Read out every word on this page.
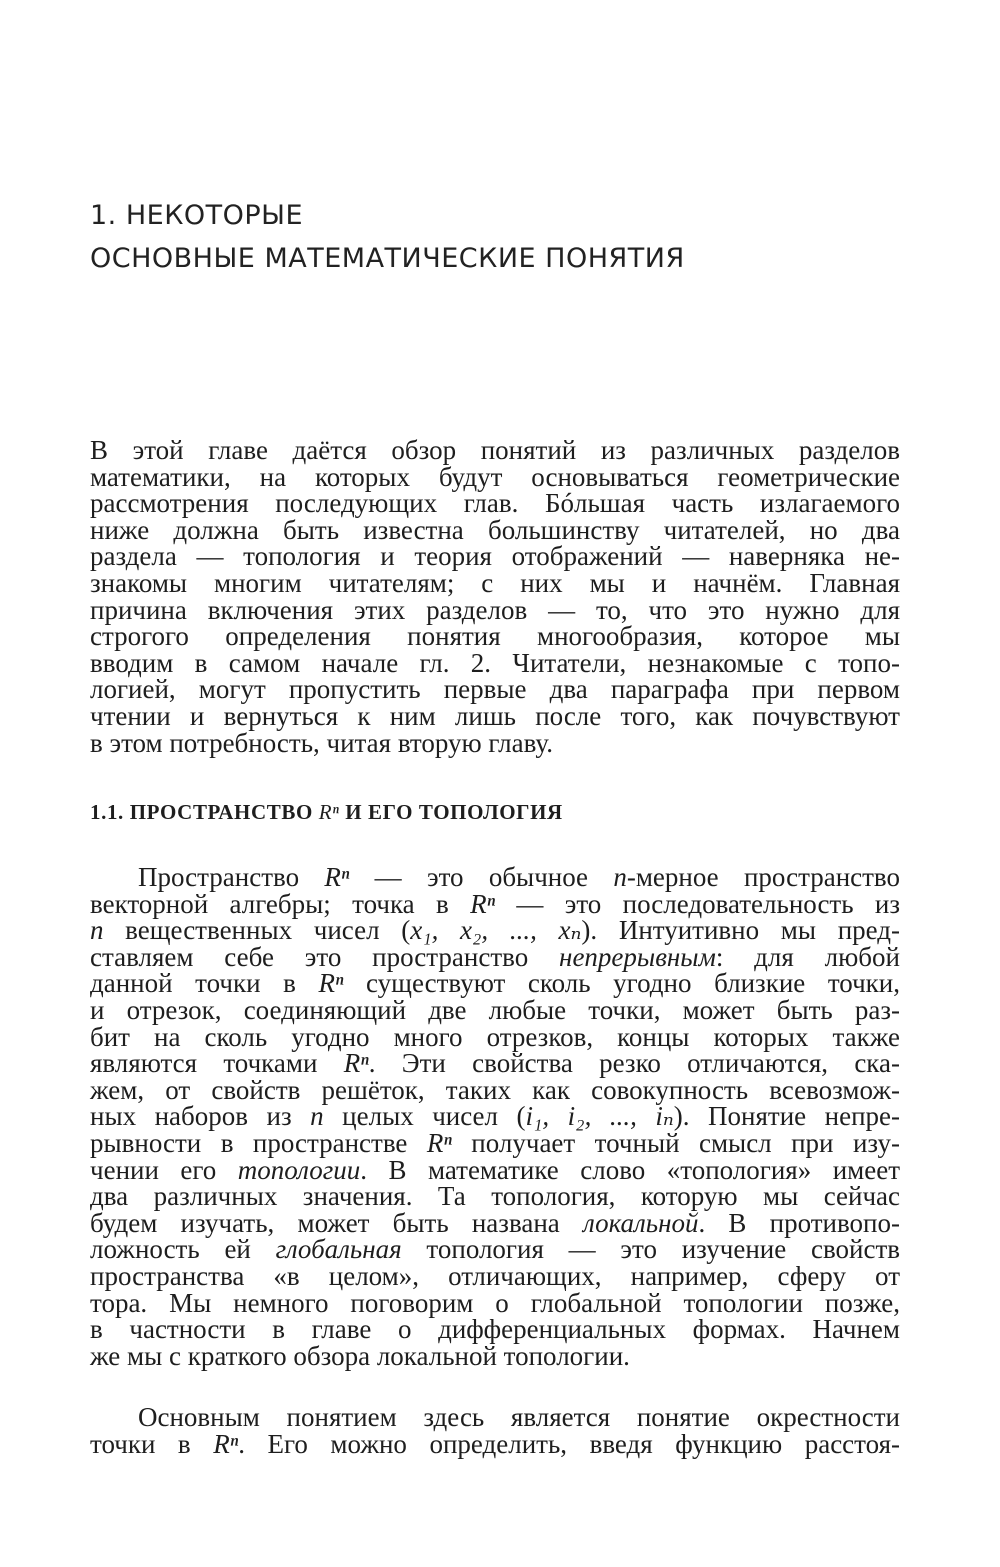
1. НЕКОТОРЫЕ
ОСНОВНЫЕ МАТЕМАТИЧЕСКИЕ ПОНЯТИЯ
В этой главе даётся обзор понятий из различных разделов
математики, на которых будут основываться геометрические
рассмотрения последующих глав. Бóльшая часть излагаемого
ниже должна быть известна большинству читателей, но два
раздела — топология и теория отображений — наверняка не-
знакомы многим читателям; с них мы и начнём. Главная
причина включения этих разделов — то, что это нужно для
строгого определения понятия многообразия, которое мы
вводим в самом начале гл. 2. Читатели, незнакомые с топо-
логией, могут пропустить первые два параграфа при первом
чтении и вернуться к ним лишь после того, как почувствуют
в этом потребность, читая вторую главу.
1.1. ПРОСТРАНСТВО Rⁿ И ЕГО ТОПОЛОГИЯ
Пространство Rⁿ — это обычное n-мерное пространство
векторной алгебры; точка в Rⁿ — это последовательность из
n вещественных чисел (x₁, x₂, ..., xₙ). Интуитивно мы пред-
ставляем себе это пространство непрерывным: для любой
данной точки в Rⁿ существуют сколь угодно близкие точки,
и отрезок, соединяющий две любые точки, может быть раз-
бит на сколь угодно много отрезков, концы которых также
являются точками Rⁿ. Эти свойства резко отличаются, ска-
жем, от свойств решёток, таких как совокупность всевозмож-
ных наборов из n целых чисел (i₁, i₂, ..., iₙ). Понятие непре-
рывности в пространстве Rⁿ получает точный смысл при изу-
чении его топологии. В математике слово «топология» имеет
два различных значения. Та топология, которую мы сейчас
будем изучать, может быть названа локальной. В противопо-
ложность ей глобальная топология — это изучение свойств
пространства «в целом», отличающих, например, сферу от
тора. Мы немного поговорим о глобальной топологии позже,
в частности в главе о дифференциальных формах. Начнем
же мы с краткого обзора локальной топологии.
Основным понятием здесь является понятие окрестности
точки в Rⁿ. Его можно определить, введя функцию расстоя-
